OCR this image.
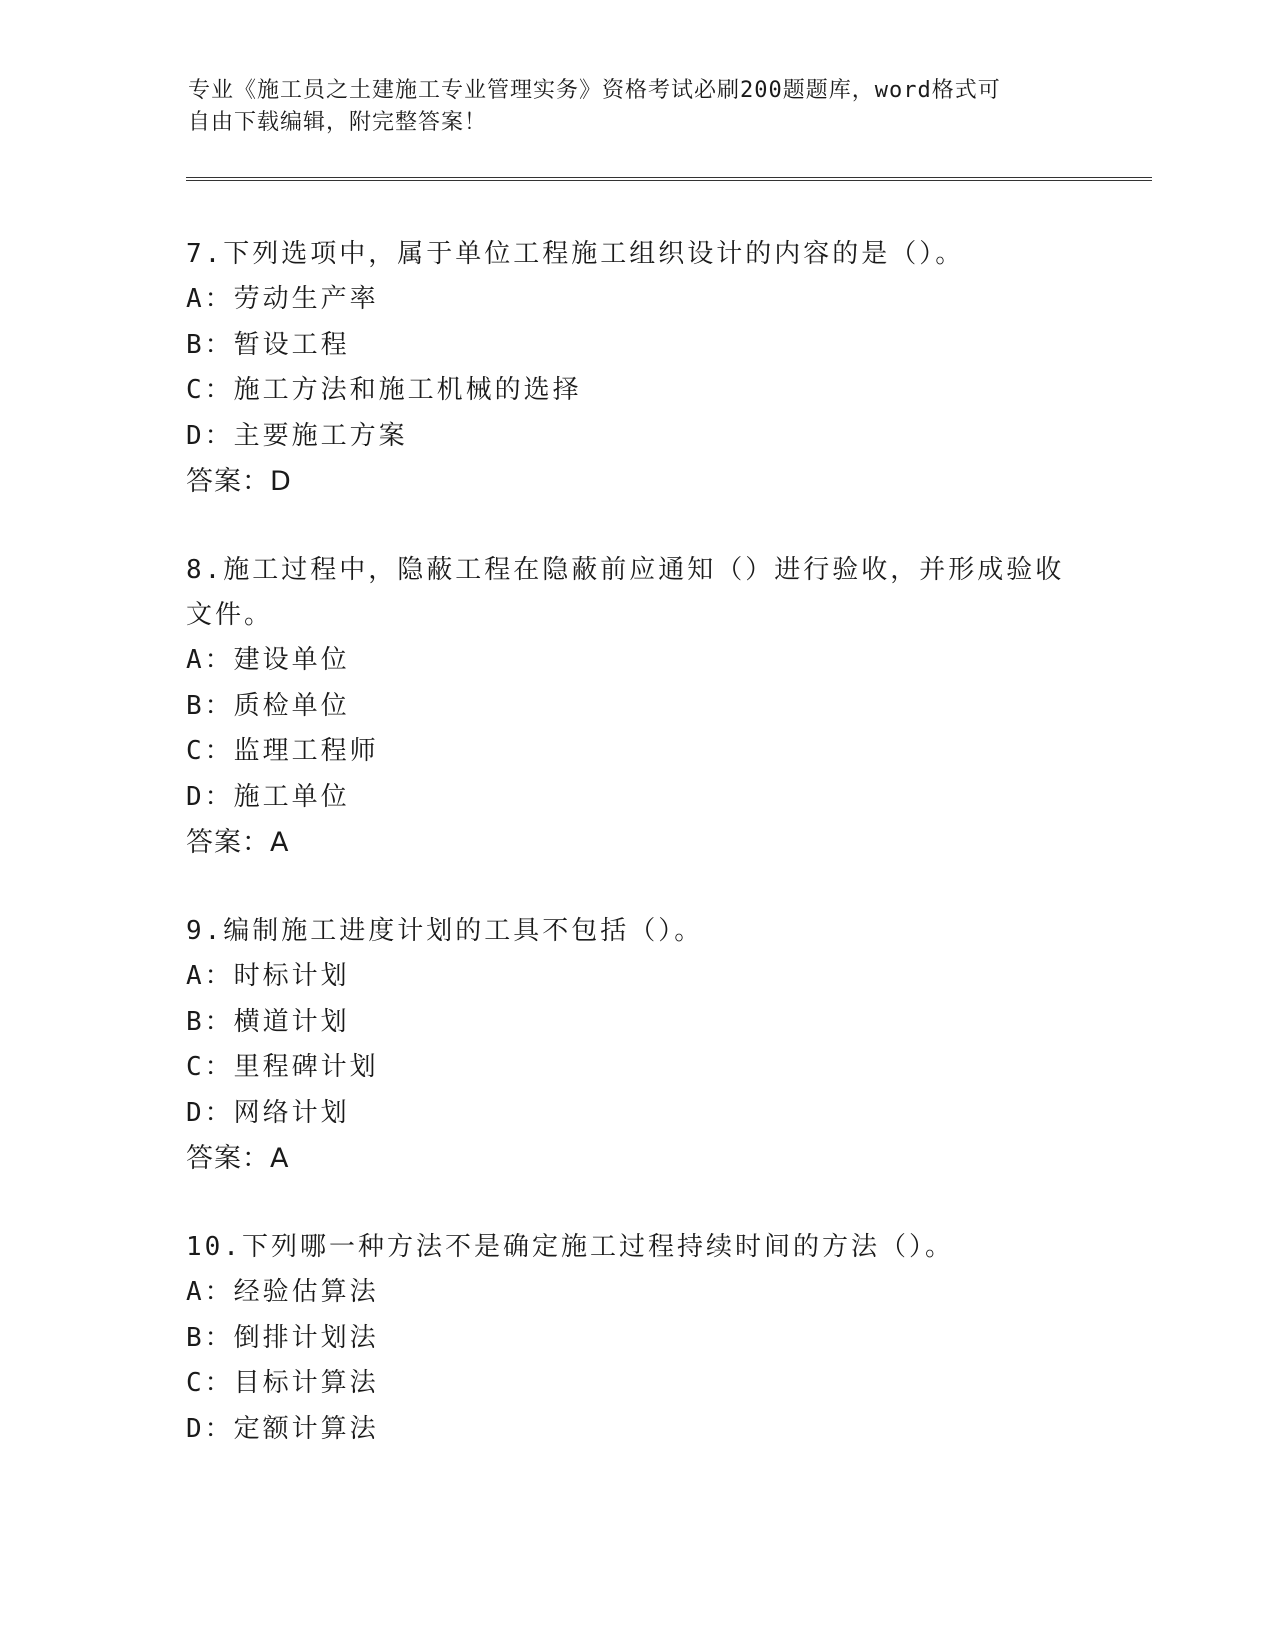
专业《施工员之土建施工专业管理实务》资格考试必刷200题题库，word格式可
自由下载编辑，附完整答案！
7.下列选项中，属于单位工程施工组织设计的内容的是（）。
A：劳动生产率
B：暂设工程
C：施工方法和施工机械的选择
D：主要施工方案
答案：D
8.施工过程中，隐蔽工程在隐蔽前应通知（）进行验收，并形成验收
文件。
A：建设单位
B：质检单位
C：监理工程师
D：施工单位
答案：A
9.编制施工进度计划的工具不包括（）。
A：时标计划
B：横道计划
C：里程碑计划
D：网络计划
答案：A
10.下列哪一种方法不是确定施工过程持续时间的方法（）。
A：经验估算法
B：倒排计划法
C：目标计算法
D：定额计算法
